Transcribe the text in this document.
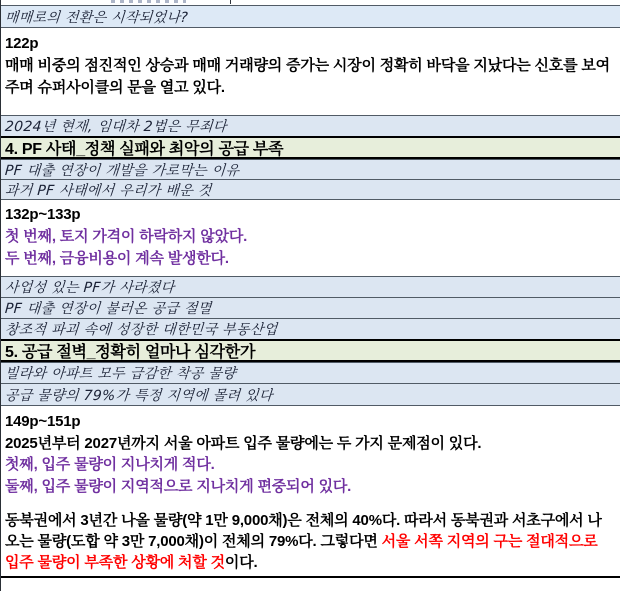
매매로의 전환은 시작되었나?
122p
매매 비중의 점진적인 상승과 매매 거래량의 증가는 시장이 정확히 바닥을 지났다는 신호를 보여주며 슈퍼사이클의 문을 열고 있다.
2024년 현재, 임대차 2법은 무죄다
4. PF 사태_정책 실패와 최악의 공급 부족
PF 대출 연장이 개발을 가로막는 이유
과거 PF 사태에서 우리가 배운 것
132p~133p
첫 번째, 토지 가격이 하락하지 않았다.
두 번째, 금융비용이 계속 발생한다.
사업성 있는 PF가 사라졌다
PF 대출 연장이 불러온 공급 절멸
창조적 파괴 속에 성장한 대한민국 부동산업
5. 공급 절벽_정확히 얼마나 심각한가
빌라와 아파트 모두 급감한 착공 물량
공급 물량의 79%가 특정 지역에 몰려 있다
149p~151p
2025년부터 2027년까지 서울 아파트 입주 물량에는 두 가지 문제점이 있다.
첫째, 입주 물량이 지나치게 적다.
둘째, 입주 물량이 지역적으로 지나치게 편중되어 있다.

동북권에서 3년간 나올 물량(약 1만 9,000채)은 전체의 40%다. 따라서 동북권과 서초구에서 나오는 물량(도합 약 3만 7,000채)이 전체의 79%다. 그렇다면 서울 서쪽 지역의 구는 절대적으로 입주 물량이 부족한 상황에 처할 것이다.
